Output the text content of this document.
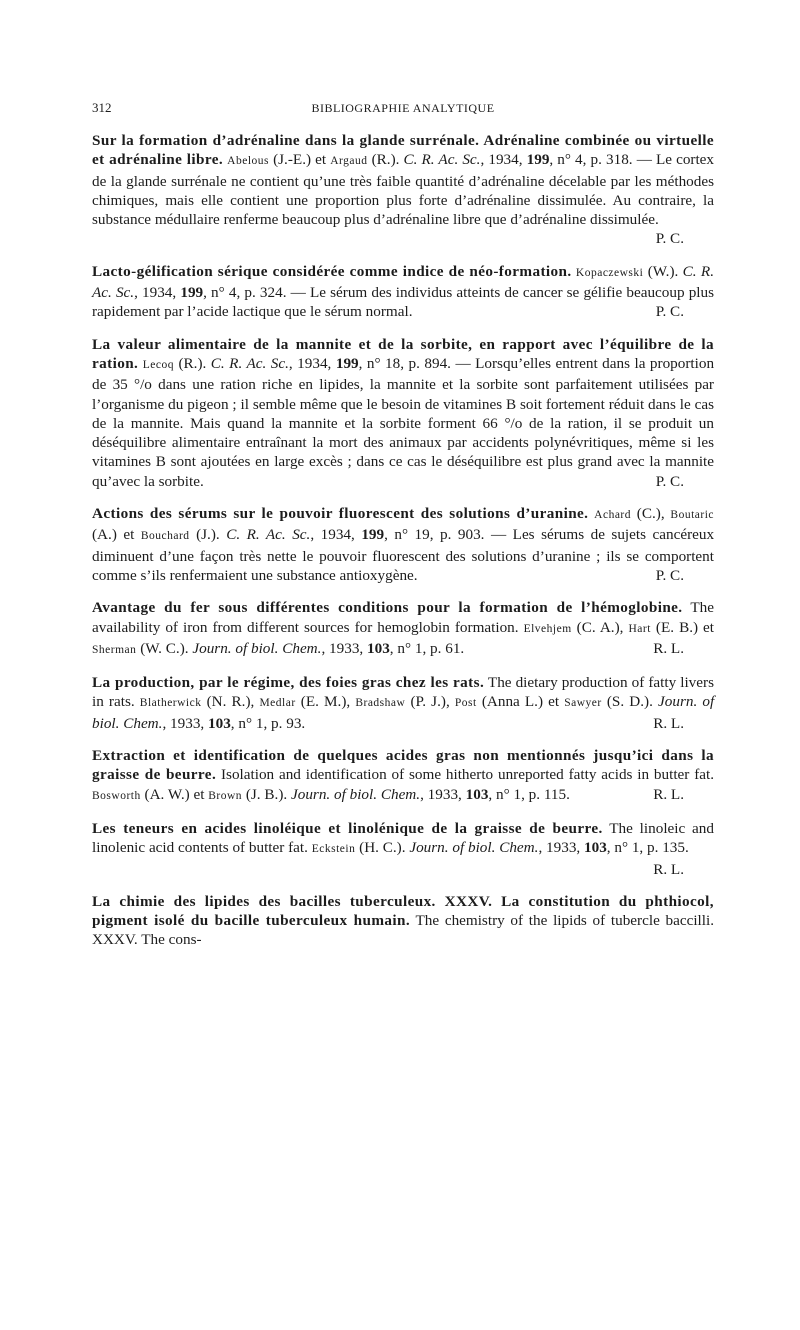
312	BIBLIOGRAPHIE ANALYTIQUE
Sur la formation d’adrénaline dans la glande surrénale. Adrénaline combinée ou virtuelle et adrénaline libre. Abelous (J.-E.) et Argaud (R.). C. R. Ac. Sc., 1934, 199, n° 4, p. 318. — Le cortex de la glande surrénale ne contient qu’une très faible quantité d’adrénaline décelable par les méthodes chimiques, mais elle contient une proportion plus forte d’adrénaline dissimulée. Au contraire, la substance médullaire renferme beaucoup plus d’adrénaline libre que d’adrénaline dissimulée.
P. C.
Lacto-gélification sérique considérée comme indice de néo-formation. Kopaczewski (W.). C. R. Ac. Sc., 1934, 199, n° 4, p. 324. — Le sérum des individus atteints de cancer se gélifie beaucoup plus rapidement par l’acide lactique que le sérum normal.	P. C.
La valeur alimentaire de la mannite et de la sorbite, en rapport avec l’équilibre de la ration. Lecoq (R.). C. R. Ac. Sc., 1934, 199, n° 18, p. 894. — Lorsqu’elles entrent dans la proportion de 35 °/o dans une ration riche en lipides, la mannite et la sorbite sont parfaitement utilisées par l’organisme du pigeon ; il semble même que le besoin de vitamines B soit fortement réduit dans le cas de la mannite. Mais quand la mannite et la sorbite forment 66 °/o de la ration, il se produit un déséquilibre alimentaire entraînant la mort des animaux par accidents polynévritiques, même si les vitamines B sont ajoutées en large excès ; dans ce cas le déséquilibre est plus grand avec la mannite qu’avec la sorbite.	P. C.
Actions des sérums sur le pouvoir fluorescent des solutions d’uranine. Achard (C.), Boutaric (A.) et Bouchard (J.). C. R. Ac. Sc., 1934, 199, n° 19, p. 903. — Les sérums de sujets cancéreux diminuent d’une façon très nette le pouvoir fluorescent des solutions d’uranine ; ils se comportent comme s’ils renfermaient une substance antioxygène.	P. C.
Avantage du fer sous différentes conditions pour la formation de l’hémoglobine. The availability of iron from different sources for hemoglobin formation. Elvehjem (C. A.), Hart (E. B.) et Sherman (W. C.). Journ. of biol. Chem., 1933, 103, n° 1, p. 61.	R. L.
La production, par le régime, des foies gras chez les rats. The dietary production of fatty livers in rats. Blatherwick (N. R.), Medlar (E. M.), Bradshaw (P. J.), Post (Anna L.) et Sawyer (S. D.). Journ. of biol. Chem., 1933, 103, n° 1, p. 93.	R. L.
Extraction et identification de quelques acides gras non mentionnés jusqu’ici dans la graisse de beurre. Isolation and identification of some hitherto unreported fatty acids in butter fat. Bosworth (A. W.) et Brown (J. B.). Journ. of biol. Chem., 1933, 103, n° 1, p. 115.	R. L.
Les teneurs en acides linoléique et linolénique de la graisse de beurre. The linoleic and linolenic acid contents of butter fat. Eckstein (H. C.). Journ. of biol. Chem., 1933, 103, n° 1, p. 135.
R. L.
La chimie des lipides des bacilles tuberculeux. XXXV. La constitution du phthiocol, pigment isolé du bacille tuberculeux humain. The chemistry of the lipids of tubercle baccilli. XXXV. The cons-
